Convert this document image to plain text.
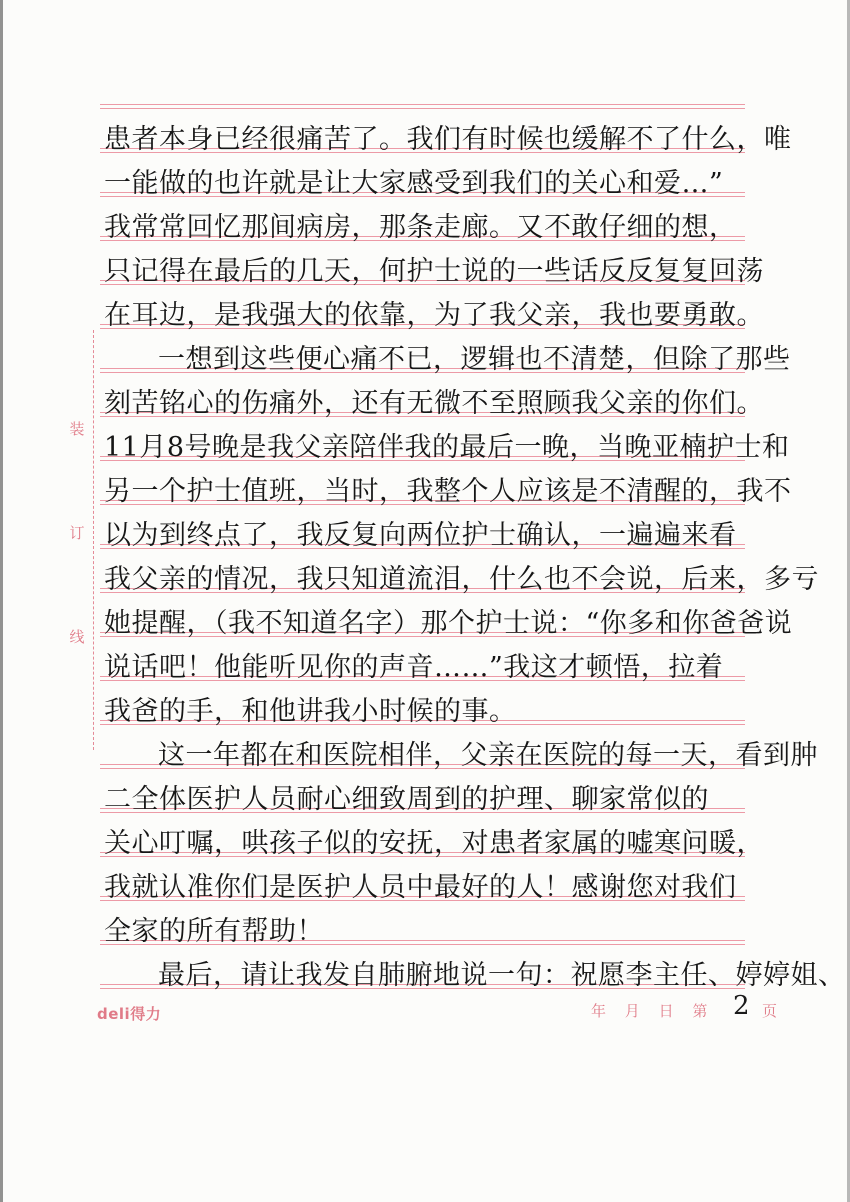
装
订
线
患者本身已经很痛苦了。我们有时候也缓解不了什么，唯
一能做的也许就是让大家感受到我们的关心和爱…”
我常常回忆那间病房，那条走廊。又不敢仔细的想，
只记得在最后的几天，何护士说的一些话反反复复回荡
在耳边，是我强大的依靠，为了我父亲，我也要勇敢。
一想到这些便心痛不已，逻辑也不清楚，但除了那些
刻苦铭心的伤痛外，还有无微不至照顾我父亲的你们。
11月8号晚是我父亲陪伴我的最后一晚，当晚亚楠护士和
另一个护士值班，当时，我整个人应该是不清醒的，我不
以为到终点了，我反复向两位护士确认，一遍遍来看
我父亲的情况，我只知道流泪，什么也不会说，后来，多亏
她提醒，（我不知道名字）那个护士说：“你多和你爸爸说
说话吧！他能听见你的声音……”我这才顿悟，拉着
我爸的手，和他讲我小时候的事。
这一年都在和医院相伴，父亲在医院的每一天，看到肿
二全体医护人员耐心细致周到的护理、聊家常似的
关心叮嘱，哄孩子似的安抚，对患者家属的嘘寒问暖，
我就认准你们是医护人员中最好的人！感谢您对我们
全家的所有帮助！
最后，请让我发自肺腑地说一句：祝愿李主任、婷婷姐、
deli得力	年 月 日 第 2 页
